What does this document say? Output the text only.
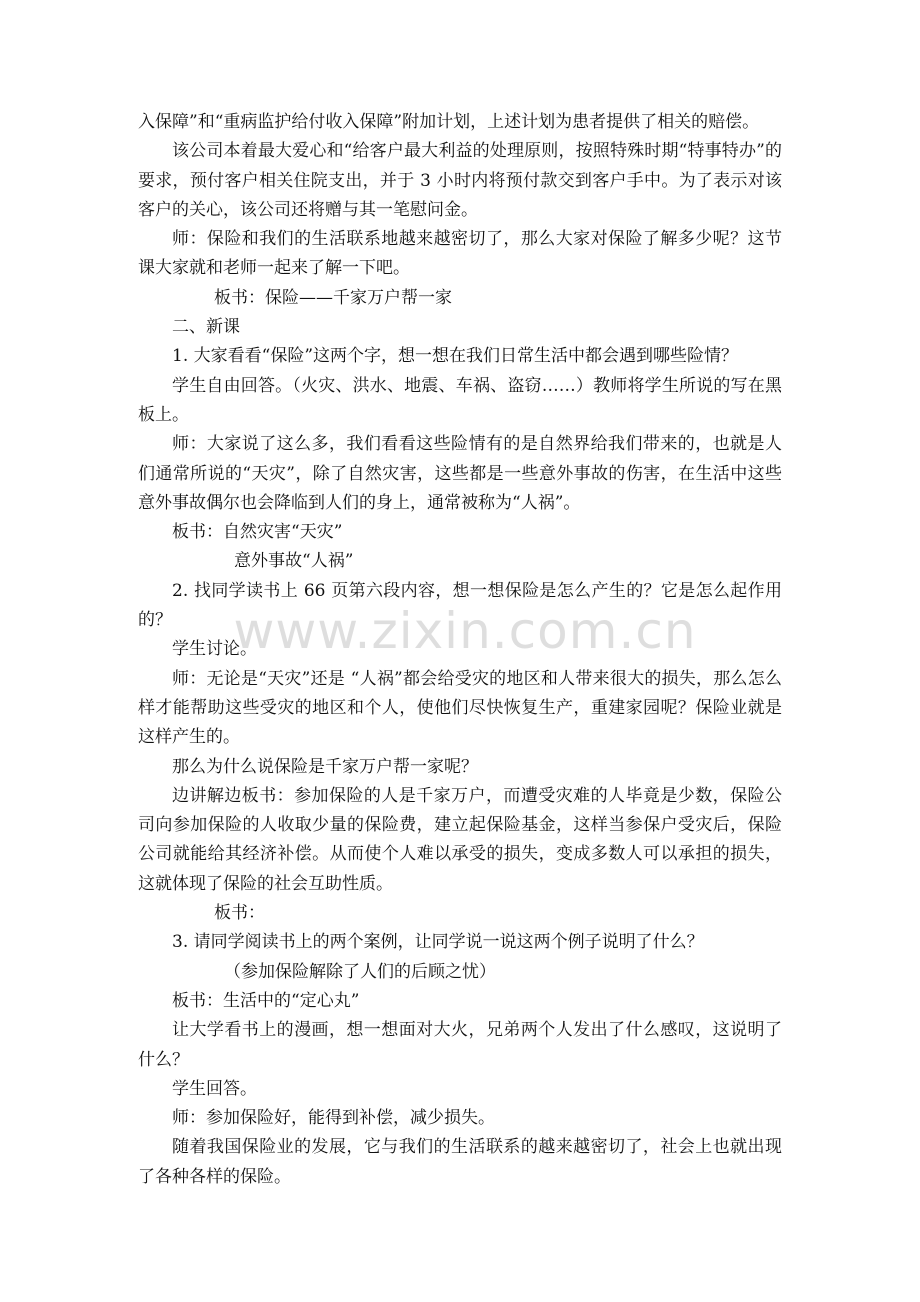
入保障”和“重病监护给付收入保障”附加计划，上述计划为患者提供了相关的赔偿。

该公司本着最大爱心和“给客户最大利益的处理原则，按照特殊时期“特事特办”的要求，预付客户相关住院支出，并于 3 小时内将预付款交到客户手中。为了表示对该客户的关心，该公司还将赠与其一笔慰问金。

师：保险和我们的生活联系地越来越密切了，那么大家对保险了解多少呢？这节课大家就和老师一起来了解一下吧。

板书：保险——千家万户帮一家

二、新课

1. 大家看看“保险”这两个字，想一想在我们日常生活中都会遇到哪些险情？

学生自由回答。（火灾、洪水、地震、车祸、盗窃……）教师将学生所说的写在黑板上。

师：大家说了这么多，我们看看这些险情有的是自然界给我们带来的，也就是人们通常所说的“天灾”，除了自然灾害，这些都是一些意外事故的伤害，在生活中这些意外事故偶尔也会降临到人们的身上，通常被称为“人祸”。

板书：自然灾害“天灾”

意外事故“人祸”

2. 找同学读书上 66 页第六段内容，想一想保险是怎么产生的？它是怎么起作用的？

学生讨论。

师：无论是“天灾”还是 “人祸”都会给受灾的地区和人带来很大的损失，那么怎么样才能帮助这些受灾的地区和个人，使他们尽快恢复生产，重建家园呢？保险业就是这样产生的。

那么为什么说保险是千家万户帮一家呢？

边讲解边板书：参加保险的人是千家万户，而遭受灾难的人毕竟是少数，保险公司向参加保险的人收取少量的保险费，建立起保险基金，这样当参保户受灾后，保险公司就能给其经济补偿。从而使个人难以承受的损失，变成多数人可以承担的损失，这就体现了保险的社会互助性质。

板书：

3. 请同学阅读书上的两个案例，让同学说一说这两个例子说明了什么？

（参加保险解除了人们的后顾之忧）

板书：生活中的“定心丸”

让大学看书上的漫画，想一想面对大火，兄弟两个人发出了什么感叹，这说明了什么？

学生回答。

师：参加保险好，能得到补偿，减少损失。

随着我国保险业的发展，它与我们的生活联系的越来越密切了，社会上也就出现了各种各样的保险。

www.zixin.com.cn
